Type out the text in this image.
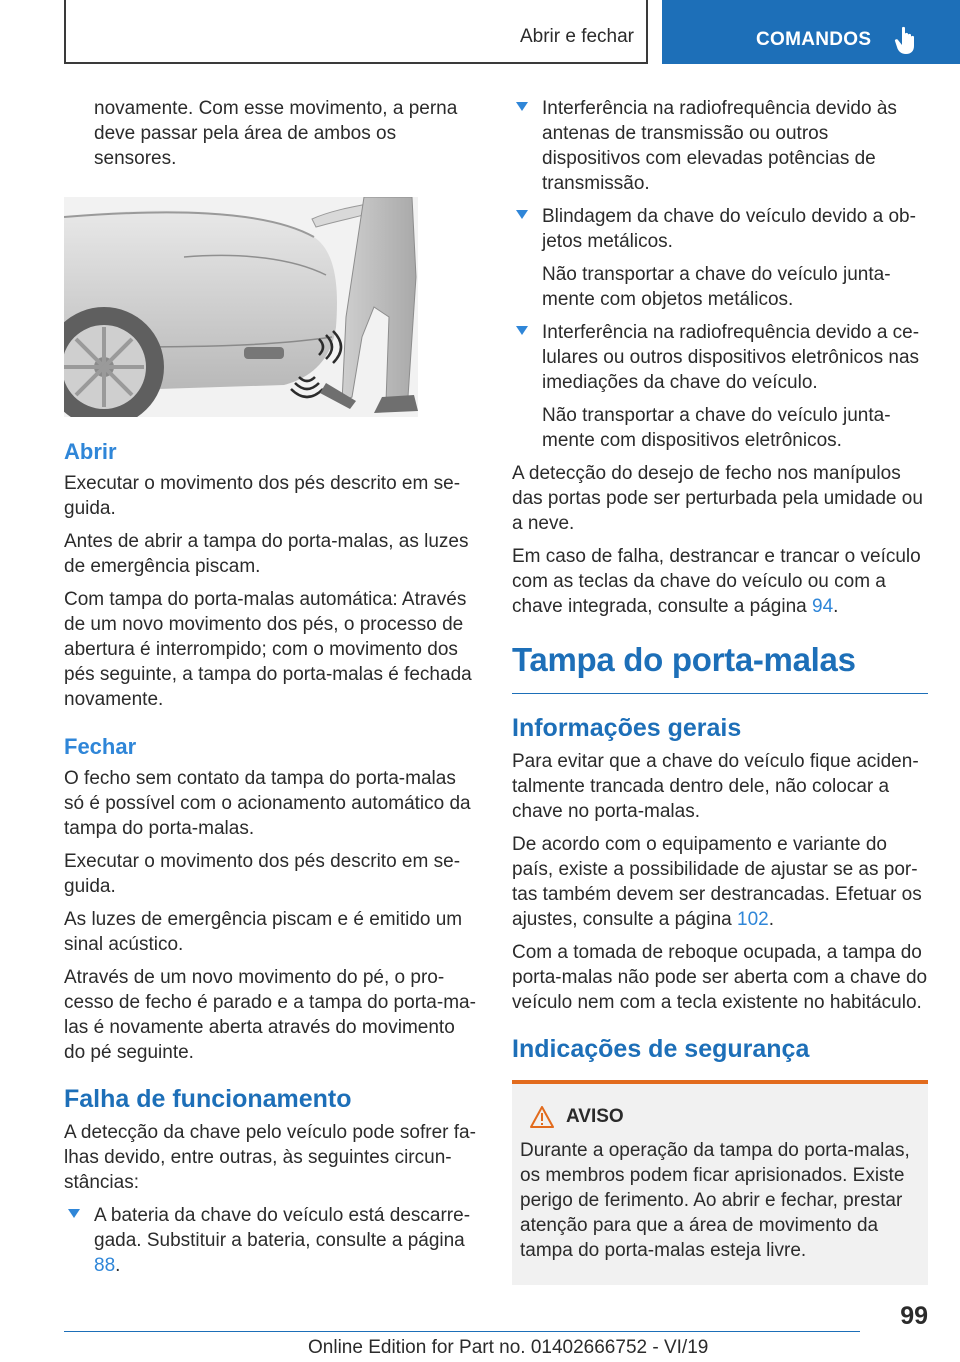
Abrir e fechar	COMANDOS

novamente. Com esse movimento, a perna deve passar pela área de ambos os sensores.

Abrir

Executar o movimento dos pés descrito em seguida.

Antes de abrir a tampa do porta-malas, as luzes de emergência piscam.

Com tampa do porta-malas automática: Através de um novo movimento dos pés, o processo de abertura é interrompido; com o movimento dos pés seguinte, a tampa do porta-malas é fechada novamente.

Fechar

O fecho sem contato da tampa do porta-malas só é possível com o acionamento automático da tampa do porta-malas.

Executar o movimento dos pés descrito em seguida.

As luzes de emergência piscam e é emitido um sinal acústico.

Através de um novo movimento do pé, o processo de fecho é parado e a tampa do porta-malas é novamente aberta através do movimento do pé seguinte.

Falha de funcionamento

A detecção da chave pelo veículo pode sofrer falhas devido, entre outras, às seguintes circunstâncias:

A bateria da chave do veículo está descarregada. Substituir a bateria, consulte a página 88.

Interferência na radiofrequência devido às antenas de transmissão ou outros dispositivos com elevadas potências de transmissão.

Blindagem da chave do veículo devido a objetos metálicos.

Não transportar a chave do veículo juntamente com objetos metálicos.

Interferência na radiofrequência devido a celulares ou outros dispositivos eletrônicos nas imediações da chave do veículo.

Não transportar a chave do veículo juntamente com dispositivos eletrônicos.

A detecção do desejo de fecho nos manípulos das portas pode ser perturbada pela umidade ou a neve.

Em caso de falha, destrancar e trancar o veículo com as teclas da chave do veículo ou com a chave integrada, consulte a página 94.

Tampa do porta-malas
Informações gerais

Para evitar que a chave do veículo fique acidentalmente trancada dentro dele, não colocar a chave no porta-malas.

De acordo com o equipamento e variante do país, existe a possibilidade de ajustar se as portas também devem ser destrancadas. Efetuar os ajustes, consulte a página 102.

Com a tomada de reboque ocupada, a tampa do porta-malas não pode ser aberta com a chave do veículo nem com a tecla existente no habitáculo.

Indicações de segurança
AVISO

Durante a operação da tampa do porta-malas, os membros podem ficar aprisionados. Existe perigo de ferimento. Ao abrir e fechar, prestar atenção para que a área de movimento da tampa do porta-malas esteja livre.

99
Online Edition for Part no. 01402666752 - VI/19
